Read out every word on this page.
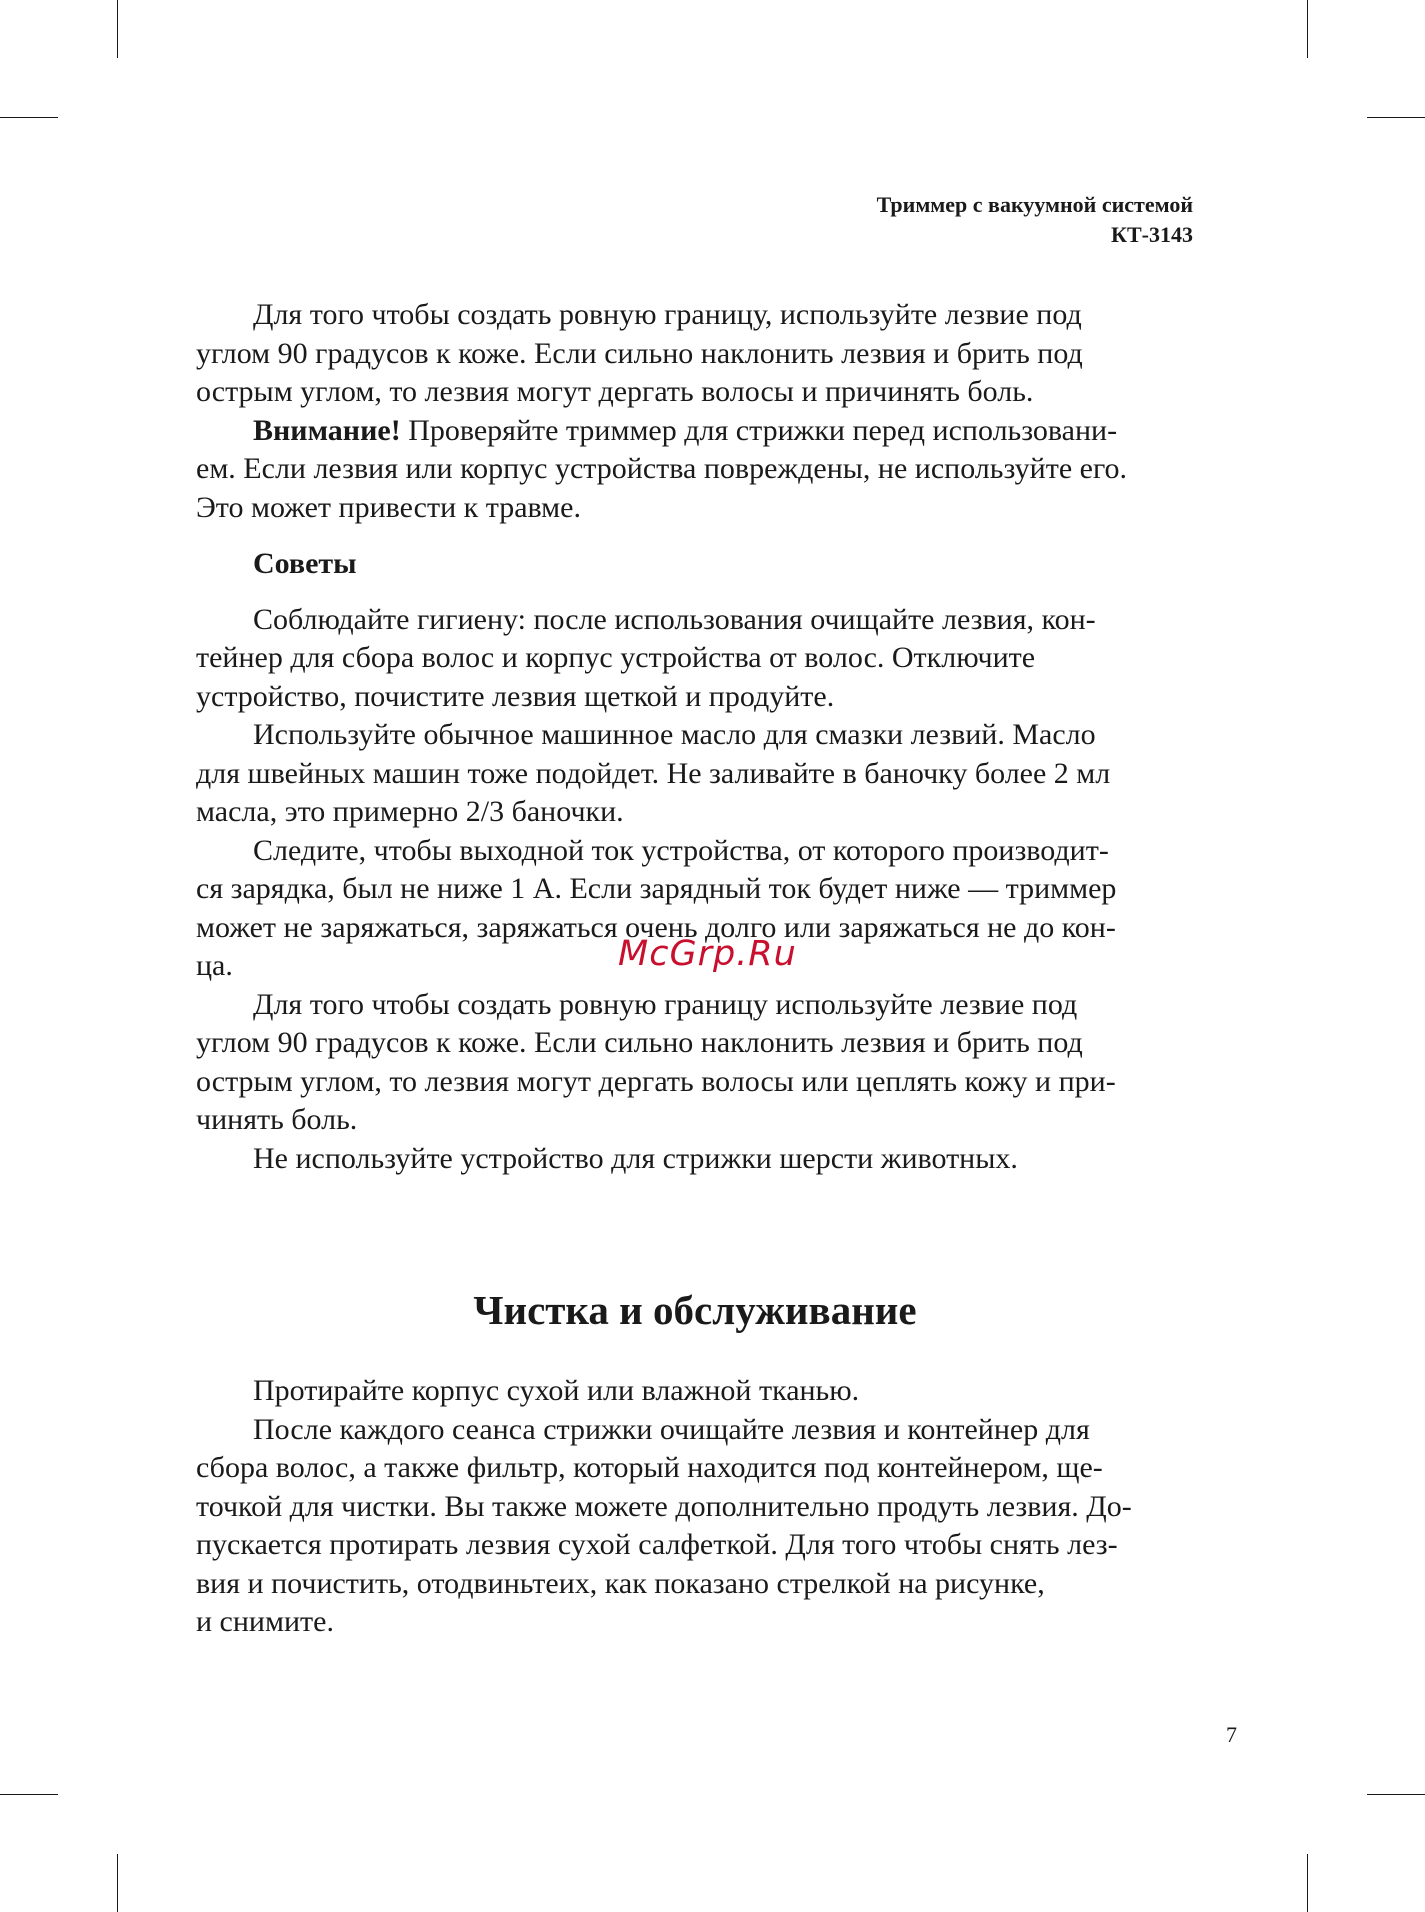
Триммер с вакуумной системой
КТ-3143

Для того чтобы создать ровную границу, используйте лезвие под
углом 90 градусов к коже. Если сильно наклонить лезвия и брить под
острым углом, то лезвия могут дергать волосы и причинять боль.

Внимание! Проверяйте триммер для стрижки перед использовани-
ем. Если лезвия или корпус устройства повреждены, не используйте его.
Это может привести к травме.

Советы

Соблюдайте гигиену: после использования очищайте лезвия, кон-
тейнер для сбора волос и корпус устройства от волос. Отключите
устройство, почистите лезвия щеткой и продуйте.

Используйте обычное машинное масло для смазки лезвий. Масло
для швейных машин тоже подойдет. Не заливайте в баночку более 2 мл
масла, это примерно 2/3 баночки.

Следите, чтобы выходной ток устройства, от которого производит-
ся зарядка, был не ниже 1 А. Если зарядный ток будет ниже — триммер
может не заряжаться, заряжаться очень долго или заряжаться не до кон-
ца.

Для того чтобы создать ровную границу используйте лезвие под
углом 90 градусов к коже. Если сильно наклонить лезвия и брить под
острым углом, то лезвия могут дергать волосы или цеплять кожу и при-
чинять боль.

Не используйте устройство для стрижки шерсти животных.

McGrp.Ru
Чистка и обслуживание

Протирайте корпус сухой или влажной тканью.

После каждого сеанса стрижки очищайте лезвия и контейнер для
сбора волос, а также фильтр, который находится под контейнером, ще-
точкой для чистки. Вы также можете дополнительно продуть лезвия. До-
пускается протирать лезвия сухой салфеткой. Для того чтобы снять лез-
вия и почистить, отодвиньтеих, как показано стрелкой на рисунке,
и снимите.

7
